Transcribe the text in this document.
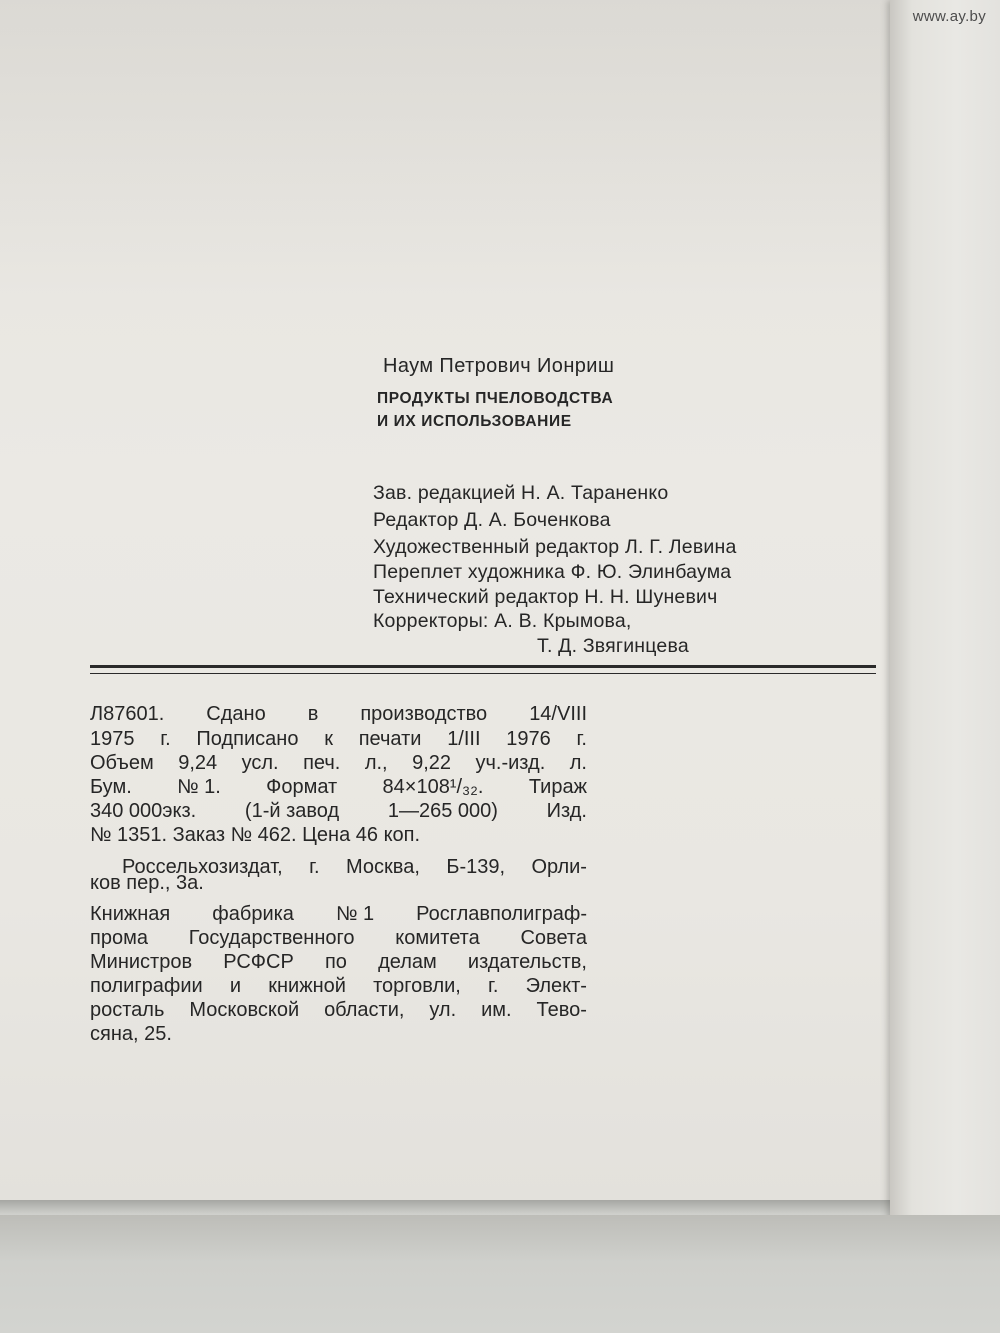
Наум Петрович Ионриш
ПРОДУКТЫ ПЧЕЛОВОДСТВА
И ИХ ИСПОЛЬЗОВАНИЕ
Зав. редакцией Н. А. Тараненко
Редактор Д. А. Боченкова
Художественный редактор Л. Г. Левина
Переплет художника Ф. Ю. Элинбаума
Технический редактор Н. Н. Шуневич
Корректоры: А. В. Крымова,
Т. Д. Звягинцева
Л87601. Сдано в производство 14/VIII
1975 г. Подписано к печати 1/III 1976 г.
Объем 9,24 усл. печ. л., 9,22 уч.-изд. л.
Бум. № 1. Формат 84×108¹/₃₂. Тираж
340 000экз. (1-й завод 1—265 000) Изд.
№ 1351. Заказ № 462. Цена 46 коп.
Россельхозиздат, г. Москва, Б-139, Орли-
ков пер., 3а.
Книжная фабрика № 1 Росглавполиграф-
прома Государственного комитета Совета
Министров РСФСР по делам издательств,
полиграфии и книжной торговли, г. Элект-
росталь Московской области, ул. им. Тево-
сяна, 25.
www.ay.by
